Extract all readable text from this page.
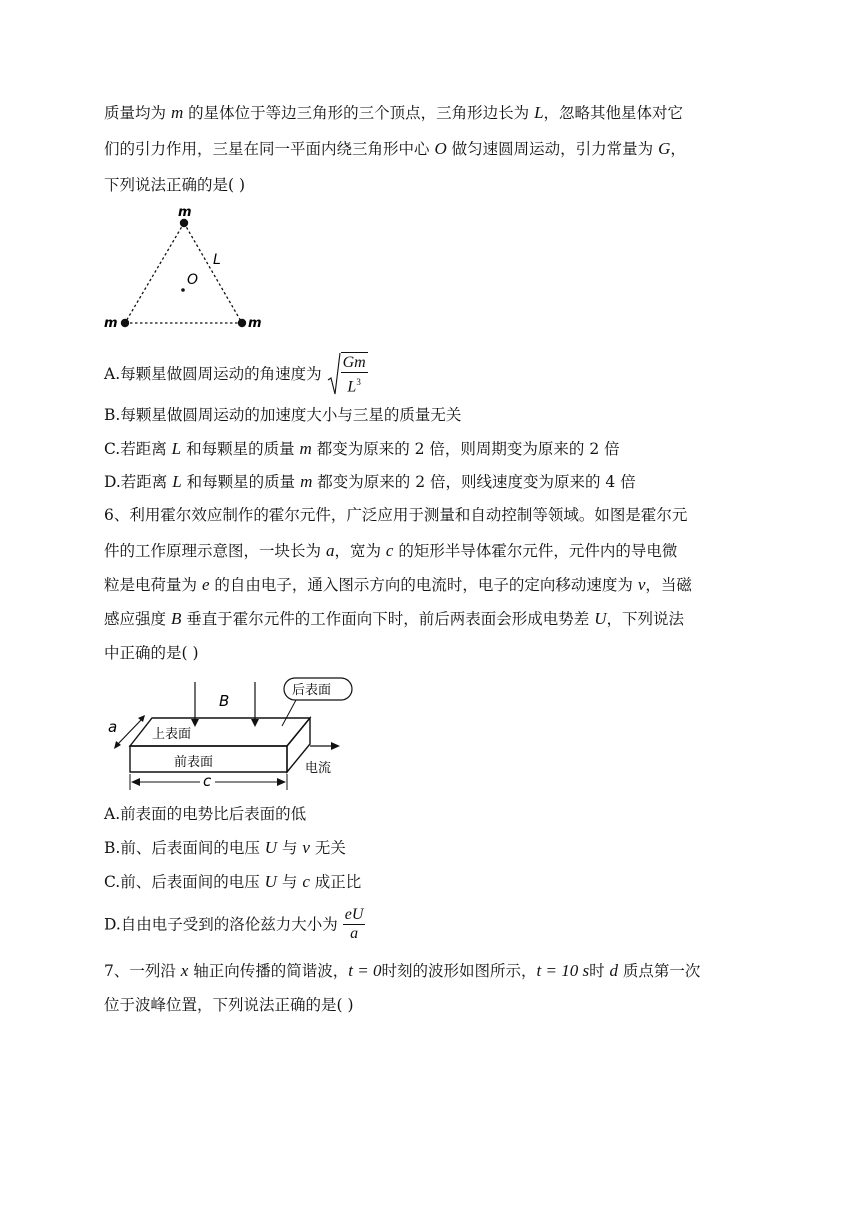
质量均为 m 的星体位于等边三角形的三个顶点，三角形边长为 L，忽略其他星体对它
们的引力作用，三星在同一平面内绕三角形中心 O 做匀速圆周运动，引力常量为 G，
下列说法正确的是( )
m
m	m
L
O
A.每颗星做圆周运动的角速度为 $\frac{Gm}{L^3}$
B.每颗星做圆周运动的加速度大小与三星的质量无关
C.若距离 L 和每颗星的质量 m 都变为原来的 2 倍，则周期变为原来的 2 倍
D.若距离 L 和每颗星的质量 m 都变为原来的 2 倍，则线速度变为原来的 4 倍
6、利用霍尔效应制作的霍尔元件，广泛应用于测量和自动控制等领域。如图是霍尔元
件的工作原理示意图，一块长为 a，宽为 c 的矩形半导体霍尔元件，元件内的导电微
粒是电荷量为 e 的自由电子，通入图示方向的电流时，电子的定向移动速度为 v，当磁
感应强度 B 垂直于霍尔元件的工作面向下时，前后两表面会形成电势差 U，下列说法
中正确的是( )
B
后表面
上表面
前表面
a
c
电流
A.前表面的电势比后表面的低
B.前、后表面间的电压 U 与 v 无关
C.前、后表面间的电压 U 与 c 成正比
D.自由电子受到的洛伦兹力大小为 $\frac{eU}{a}$
7、一列沿 x 轴正向传播的简谐波，t = 0时刻的波形如图所示，t = 10 s时 d 质点第一次
位于波峰位置，下列说法正确的是( )
